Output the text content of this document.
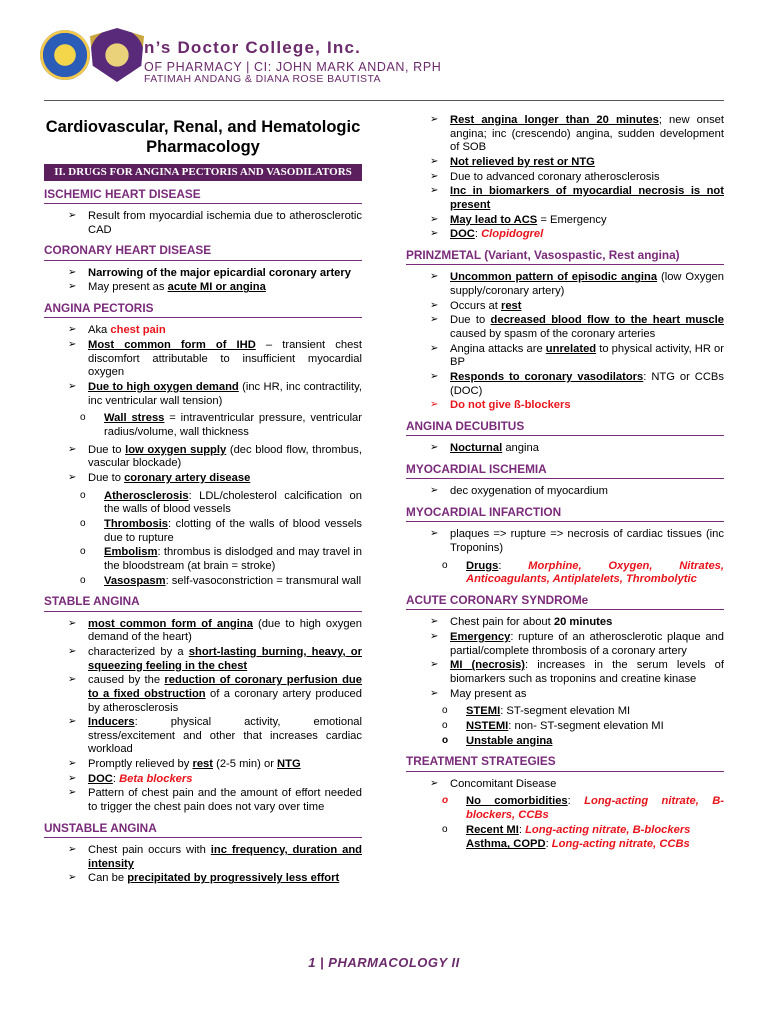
n’s Doctor College, Inc.
OF PHARMACY | CI: JOHN MARK ANDAN, RPH
FATIMAH ANDANG & DIANA ROSE BAUTISTA
Cardiovascular, Renal, and Hematologic Pharmacology
II. DRUGS FOR ANGINA PECTORIS AND VASODILATORS
ISCHEMIC HEART DISEASE
➢ Result from myocardial ischemia due to atherosclerotic CAD
CORONARY HEART DISEASE
➢ Narrowing of the major epicardial coronary artery
➢ May present as acute MI or angina
ANGINA PECTORIS
➢ Aka chest pain
➢ Most common form of IHD – transient chest discomfort attributable to insufficient myocardial oxygen
➢ Due to high oxygen demand (inc HR, inc contractility, inc ventricular wall tension)
o Wall stress = intraventricular pressure, ventricular radius/volume, wall thickness
➢ Due to low oxygen supply (dec blood flow, thrombus, vascular blockade)
➢ Due to coronary artery disease
o Atherosclerosis: LDL/cholesterol calcification on the walls of blood vessels
o Thrombosis: clotting of the walls of blood vessels due to rupture
o Embolism: thrombus is dislodged and may travel in the bloodstream (at brain = stroke)
o Vasospasm: self-vasoconstriction = transmural wall
STABLE ANGINA
➢ most common form of angina (due to high oxygen demand of the heart)
➢ characterized by a short-lasting burning, heavy, or squeezing feeling in the chest
➢ caused by the reduction of coronary perfusion due to a fixed obstruction of a coronary artery produced by atherosclerosis
➢ Inducers: physical activity, emotional stress/excitement and other that increases cardiac workload
➢ Promptly relieved by rest (2-5 min) or NTG
➢ DOC: Beta blockers
➢ Pattern of chest pain and the amount of effort needed to trigger the chest pain does not vary over time
UNSTABLE ANGINA
➢ Chest pain occurs with inc frequency, duration and intensity
➢ Can be precipitated by progressively less effort
➢ Rest angina longer than 20 minutes; new onset angina; inc (crescendo) angina, sudden development of SOB
➢ Not relieved by rest or NTG
➢ Due to advanced coronary atherosclerosis
➢ Inc in biomarkers of myocardial necrosis is not present
➢ May lead to ACS = Emergency
➢ DOC: Clopidogrel
PRINZMETAL (Variant, Vasospastic, Rest angina)
➢ Uncommon pattern of episodic angina (low Oxygen supply/coronary artery)
➢ Occurs at rest
➢ Due to decreased blood flow to the heart muscle caused by spasm of the coronary arteries
➢ Angina attacks are unrelated to physical activity, HR or BP
➢ Responds to coronary vasodilators: NTG or CCBs (DOC)
➢ Do not give ß-blockers
ANGINA DECUBITUS
➢ Nocturnal angina
MYOCARDIAL ISCHEMIA
➢ dec oxygenation of myocardium
MYOCARDIAL INFARCTION
➢ plaques => rupture => necrosis of cardiac tissues (inc Troponins)
o Drugs: Morphine, Oxygen, Nitrates, Anticoagulants, Antiplatelets, Thrombolytic
ACUTE CORONARY SYNDROMe
➢ Chest pain for about 20 minutes
➢ Emergency: rupture of an atherosclerotic plaque and partial/complete thrombosis of a coronary artery
➢ MI (necrosis): increases in the serum levels of biomarkers such as troponins and creatine kinase
➢ May present as
o STEMI: ST-segment elevation MI
o NSTEMI: non- ST-segment elevation MI
o Unstable angina
TREATMENT STRATEGIES
➢ Concomitant Disease
o No comorbidities: Long-acting nitrate, B-blockers, CCBs
o Recent MI: Long-acting nitrate, B-blockers
Asthma, COPD: Long-acting nitrate, CCBs
1 | PHARMACOLOGY II
